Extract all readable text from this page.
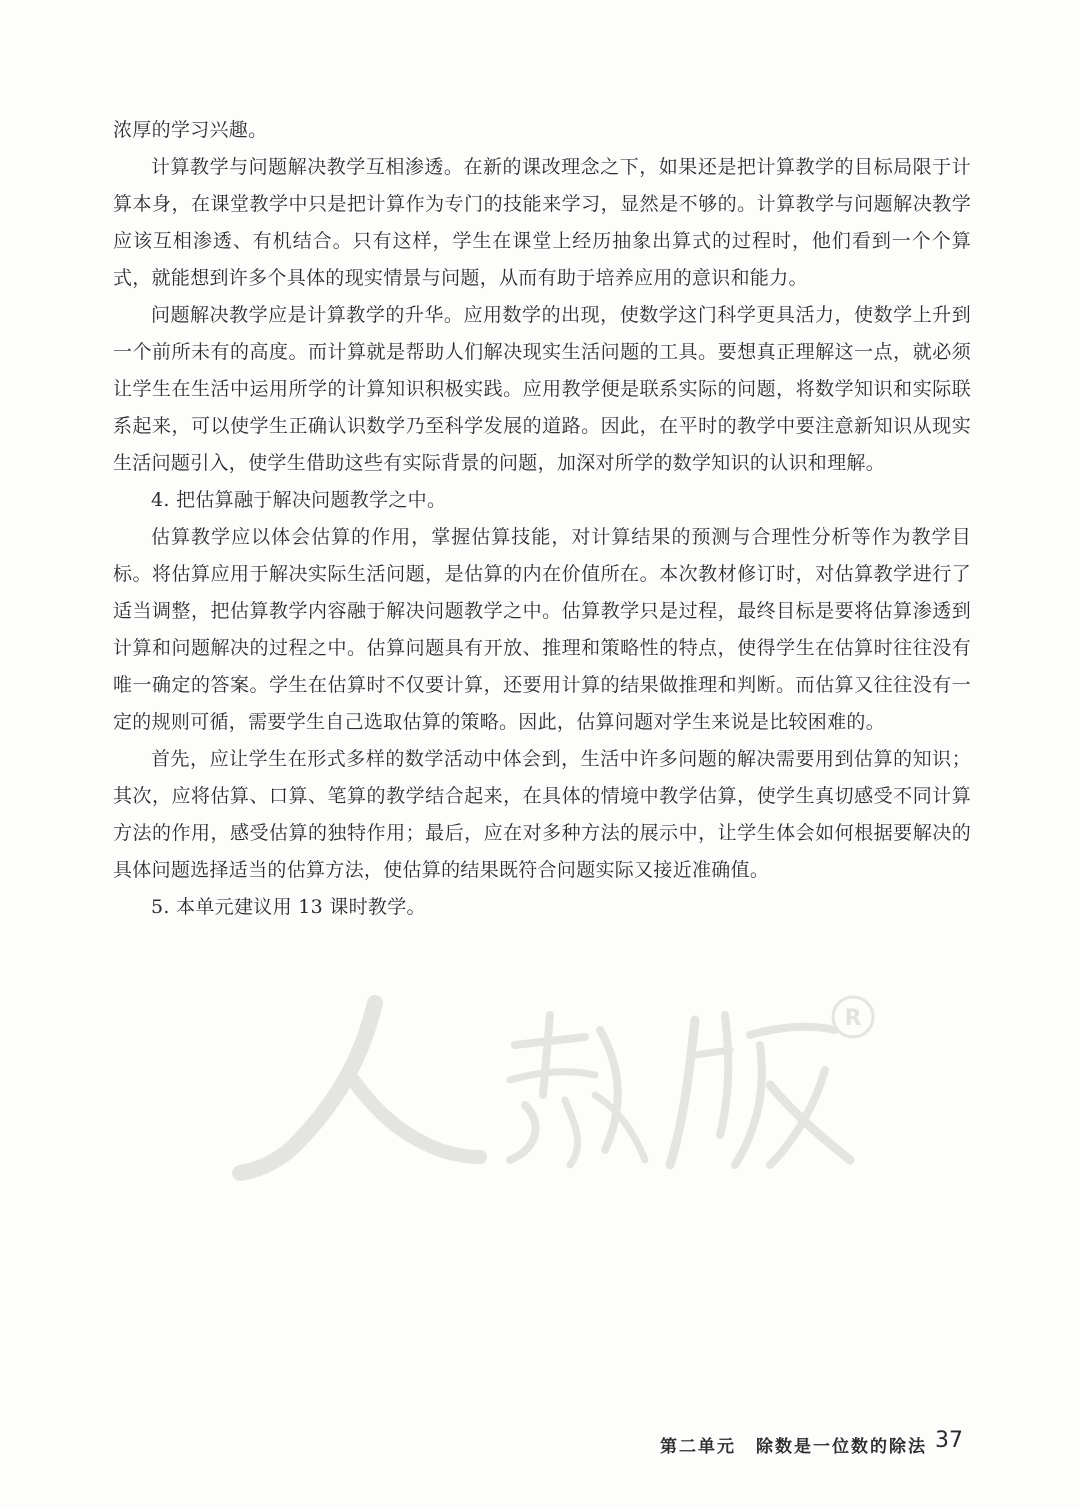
浓厚的学习兴趣。

计算教学与问题解决教学互相渗透。在新的课改理念之下，如果还是把计算教学的目标局限于计算本身，在课堂教学中只是把计算作为专门的技能来学习，显然是不够的。计算教学与问题解决教学应该互相渗透、有机结合。只有这样，学生在课堂上经历抽象出算式的过程时，他们看到一个个算式，就能想到许多个具体的现实情景与问题，从而有助于培养应用的意识和能力。

问题解决教学应是计算教学的升华。应用数学的出现，使数学这门科学更具活力，使数学上升到一个前所未有的高度。而计算就是帮助人们解决现实生活问题的工具。要想真正理解这一点，就必须让学生在生活中运用所学的计算知识积极实践。应用教学便是联系实际的问题，将数学知识和实际联系起来，可以使学生正确认识数学乃至科学发展的道路。因此，在平时的教学中要注意新知识从现实生活问题引入，使学生借助这些有实际背景的问题，加深对所学的数学知识的认识和理解。

4. 把估算融于解决问题教学之中。

估算教学应以体会估算的作用，掌握估算技能，对计算结果的预测与合理性分析等作为教学目标。将估算应用于解决实际生活问题，是估算的内在价值所在。本次教材修订时，对估算教学进行了适当调整，把估算教学内容融于解决问题教学之中。估算教学只是过程，最终目标是要将估算渗透到计算和问题解决的过程之中。估算问题具有开放、推理和策略性的特点，使得学生在估算时往往没有唯一确定的答案。学生在估算时不仅要计算，还要用计算的结果做推理和判断。而估算又往往没有一定的规则可循，需要学生自己选取估算的策略。因此，估算问题对学生来说是比较困难的。

首先，应让学生在形式多样的数学活动中体会到，生活中许多问题的解决需要用到估算的知识；其次，应将估算、口算、笔算的教学结合起来，在具体的情境中教学估算，使学生真切感受不同计算方法的作用，感受估算的独特作用；最后，应在对多种方法的展示中，让学生体会如何根据要解决的具体问题选择适当的估算方法，使估算的结果既符合问题实际又接近准确值。

5. 本单元建议用 13 课时教学。

R
第二单元 除数是一位数的除法 37
